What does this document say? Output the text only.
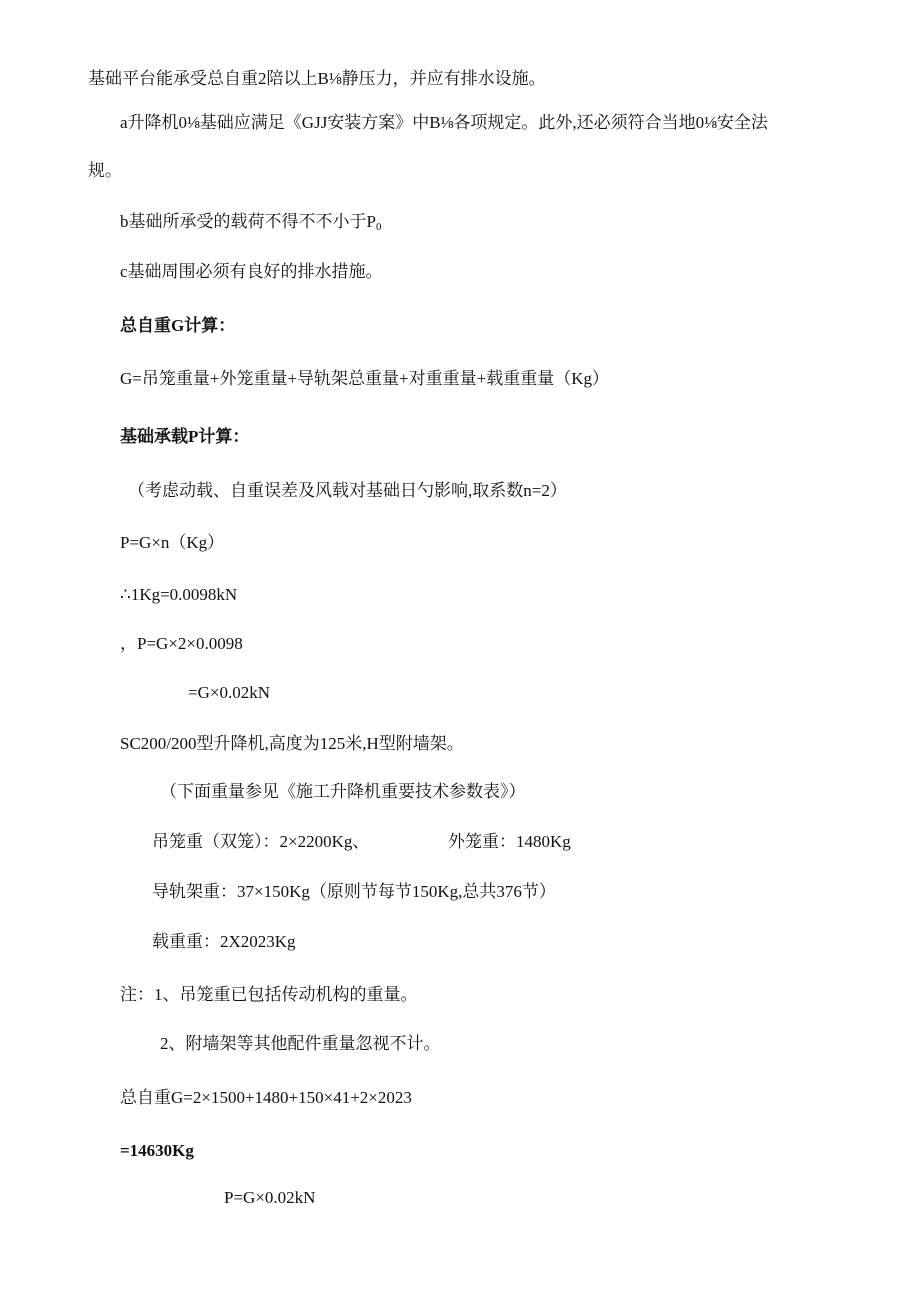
基础平台能承受总自重2陪以上B⅛静压力，并应有排水设施。
a升降机0⅛基础应满足《GJJ安装方案》中B⅛各项规定。此外,还必须符合当地0⅛安全法
规。
b基础所承受的载荷不得不不小于$P_0$
c基础周围必须有良好的排水措施。
总自重G计算：
G=吊笼重量+外笼重量+导轨架总重量+对重重量+载重重量（Kg）
基础承载P计算：
（考虑动载、自重误差及风载对基础日勺影响,取系数n=2）
P=G×n（Kg）
∴1Kg=0.0098kN
，P=G×2×0.0098
=G×0.02kN
SC200/200型升降机,高度为125米,H型附墙架。
（下面重量参见《施工升降机重要技术参数表》）
吊笼重（双笼）：2×2200Kg、	外笼重：1480Kg
导轨架重：37×150Kg（原则节每节150Kg,总共376节）
载重重：2X2023Kg
注：1、吊笼重已包括传动机构的重量。
2、附墙架等其他配件重量忽视不计。
总自重G=2×1500+1480+150×41+2×2023
=14630Kg
P=G×0.02kN
